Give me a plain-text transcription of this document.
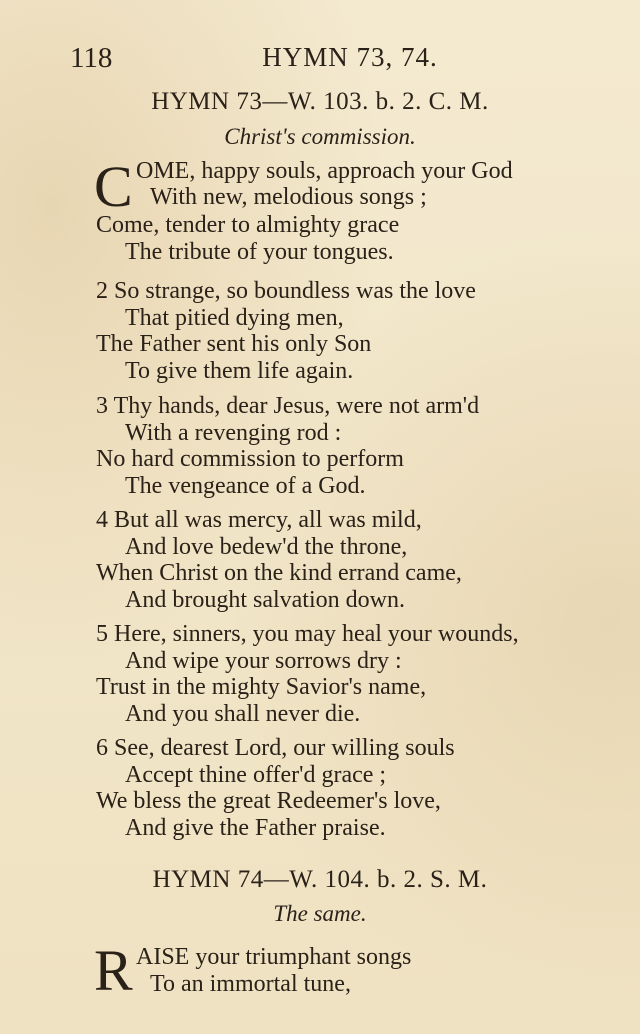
118	HYMN 73, 74.
HYMN 73—W. 103. b. 2. C. M.
Christ's commission.
C OME, happy souls, approach your God
With new, melodious songs ;
Come, tender to almighty grace
The tribute of your tongues.
2 So strange, so boundless was the love
That pitied dying men,
The Father sent his only Son
To give them life again.
3 Thy hands, dear Jesus, were not arm'd
With a revenging rod :
No hard commission to perform
The vengeance of a God.
4 But all was mercy, all was mild,
And love bedew'd the throne,
When Christ on the kind errand came,
And brought salvation down.
5 Here, sinners, you may heal your wounds,
And wipe your sorrows dry :
Trust in the mighty Savior's name,
And you shall never die.
6 See, dearest Lord, our willing souls
Accept thine offer'd grace ;
We bless the great Redeemer's love,
And give the Father praise.
HYMN 74—W. 104. b. 2. S. M.
The same.
R AISE your triumphant songs
To an immortal tune,
